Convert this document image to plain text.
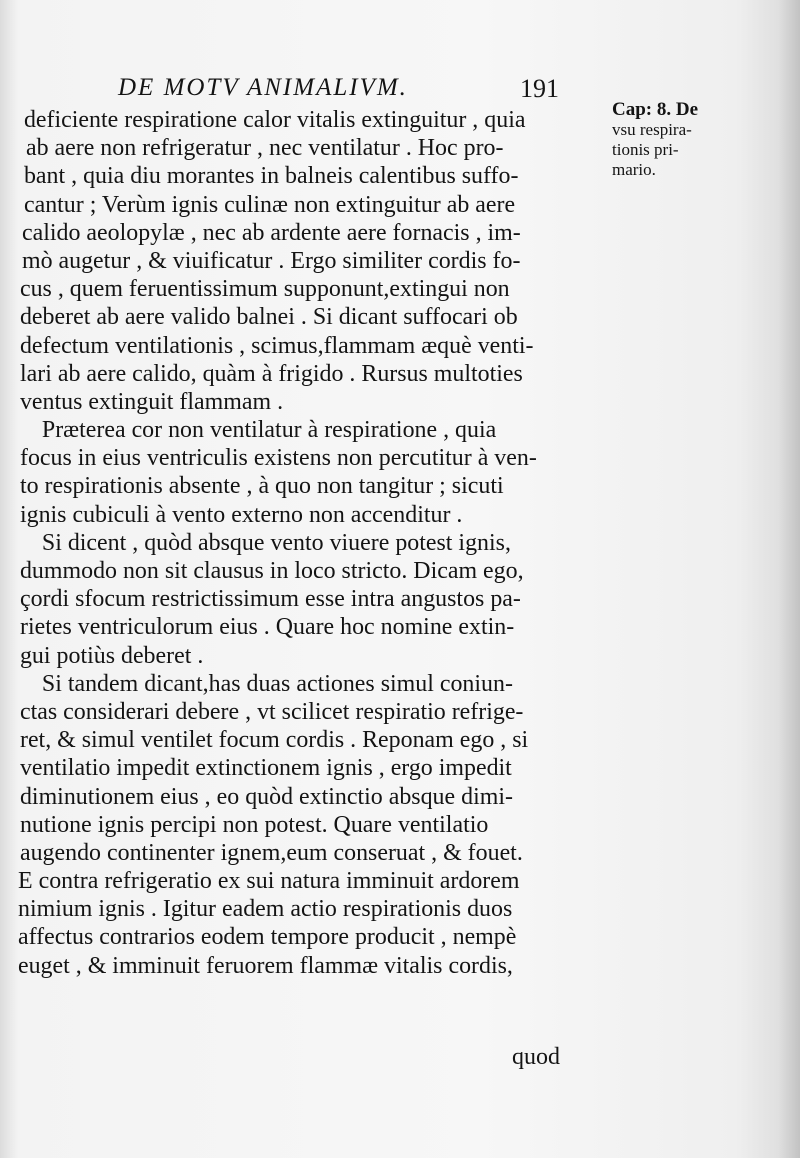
DE MOTV ANIMALIVM.	191
Cap: 8. De
vsu respira-
tionis pri-
mario.
deficiente respiratione calor vitalis extinguitur , quia
ab aere non refrigeratur , nec ventilatur . Hoc pro-
bant , quia diu morantes in balneis calentibus suffo-
cantur ; Verùm ignis culinæ non extinguitur ab aere
calido aeolopylæ , nec ab ardente aere fornacis , im-
mò augetur , & viuificatur . Ergo similiter cordis fo-
cus , quem feruentissimum supponunt,extingui non
deberet ab aere valido balnei . Si dicant suffocari ob
defectum ventilationis , scimus,flammam æquè venti-
lari ab aere calido, quàm à frigido . Rursus multoties
ventus extinguit flammam .
Præterea cor non ventilatur à respiratione , quia
focus in eius ventriculis existens non percutitur à ven-
to respirationis absente , à quo non tangitur ; sicuti
ignis cubiculi à vento externo non accenditur .
Si dicent , quòd absque vento viuere potest ignis,
dummodo non sit clausus in loco stricto. Dicam ego,
çordi sfocum restrictissimum esse intra angustos pa-
rietes ventriculorum eius . Quare hoc nomine extin-
gui potiùs deberet .
Si tandem dicant,has duas actiones simul coniun-
ctas considerari debere , vt scilicet respiratio refrige-
ret, & simul ventilet focum cordis . Reponam ego , si
ventilatio impedit extinctionem ignis , ergo impedit
diminutionem eius , eo quòd extinctio absque dimi-
nutione ignis percipi non potest. Quare ventilatio
augendo continenter ignem,eum conseruat , & fouet.
E contra refrigeratio ex sui natura imminuit ardorem
nimium ignis . Igitur eadem actio respirationis duos
affectus contrarios eodem tempore producit , nempè
euget , & imminuit feruorem flammæ vitalis cordis,
quod
